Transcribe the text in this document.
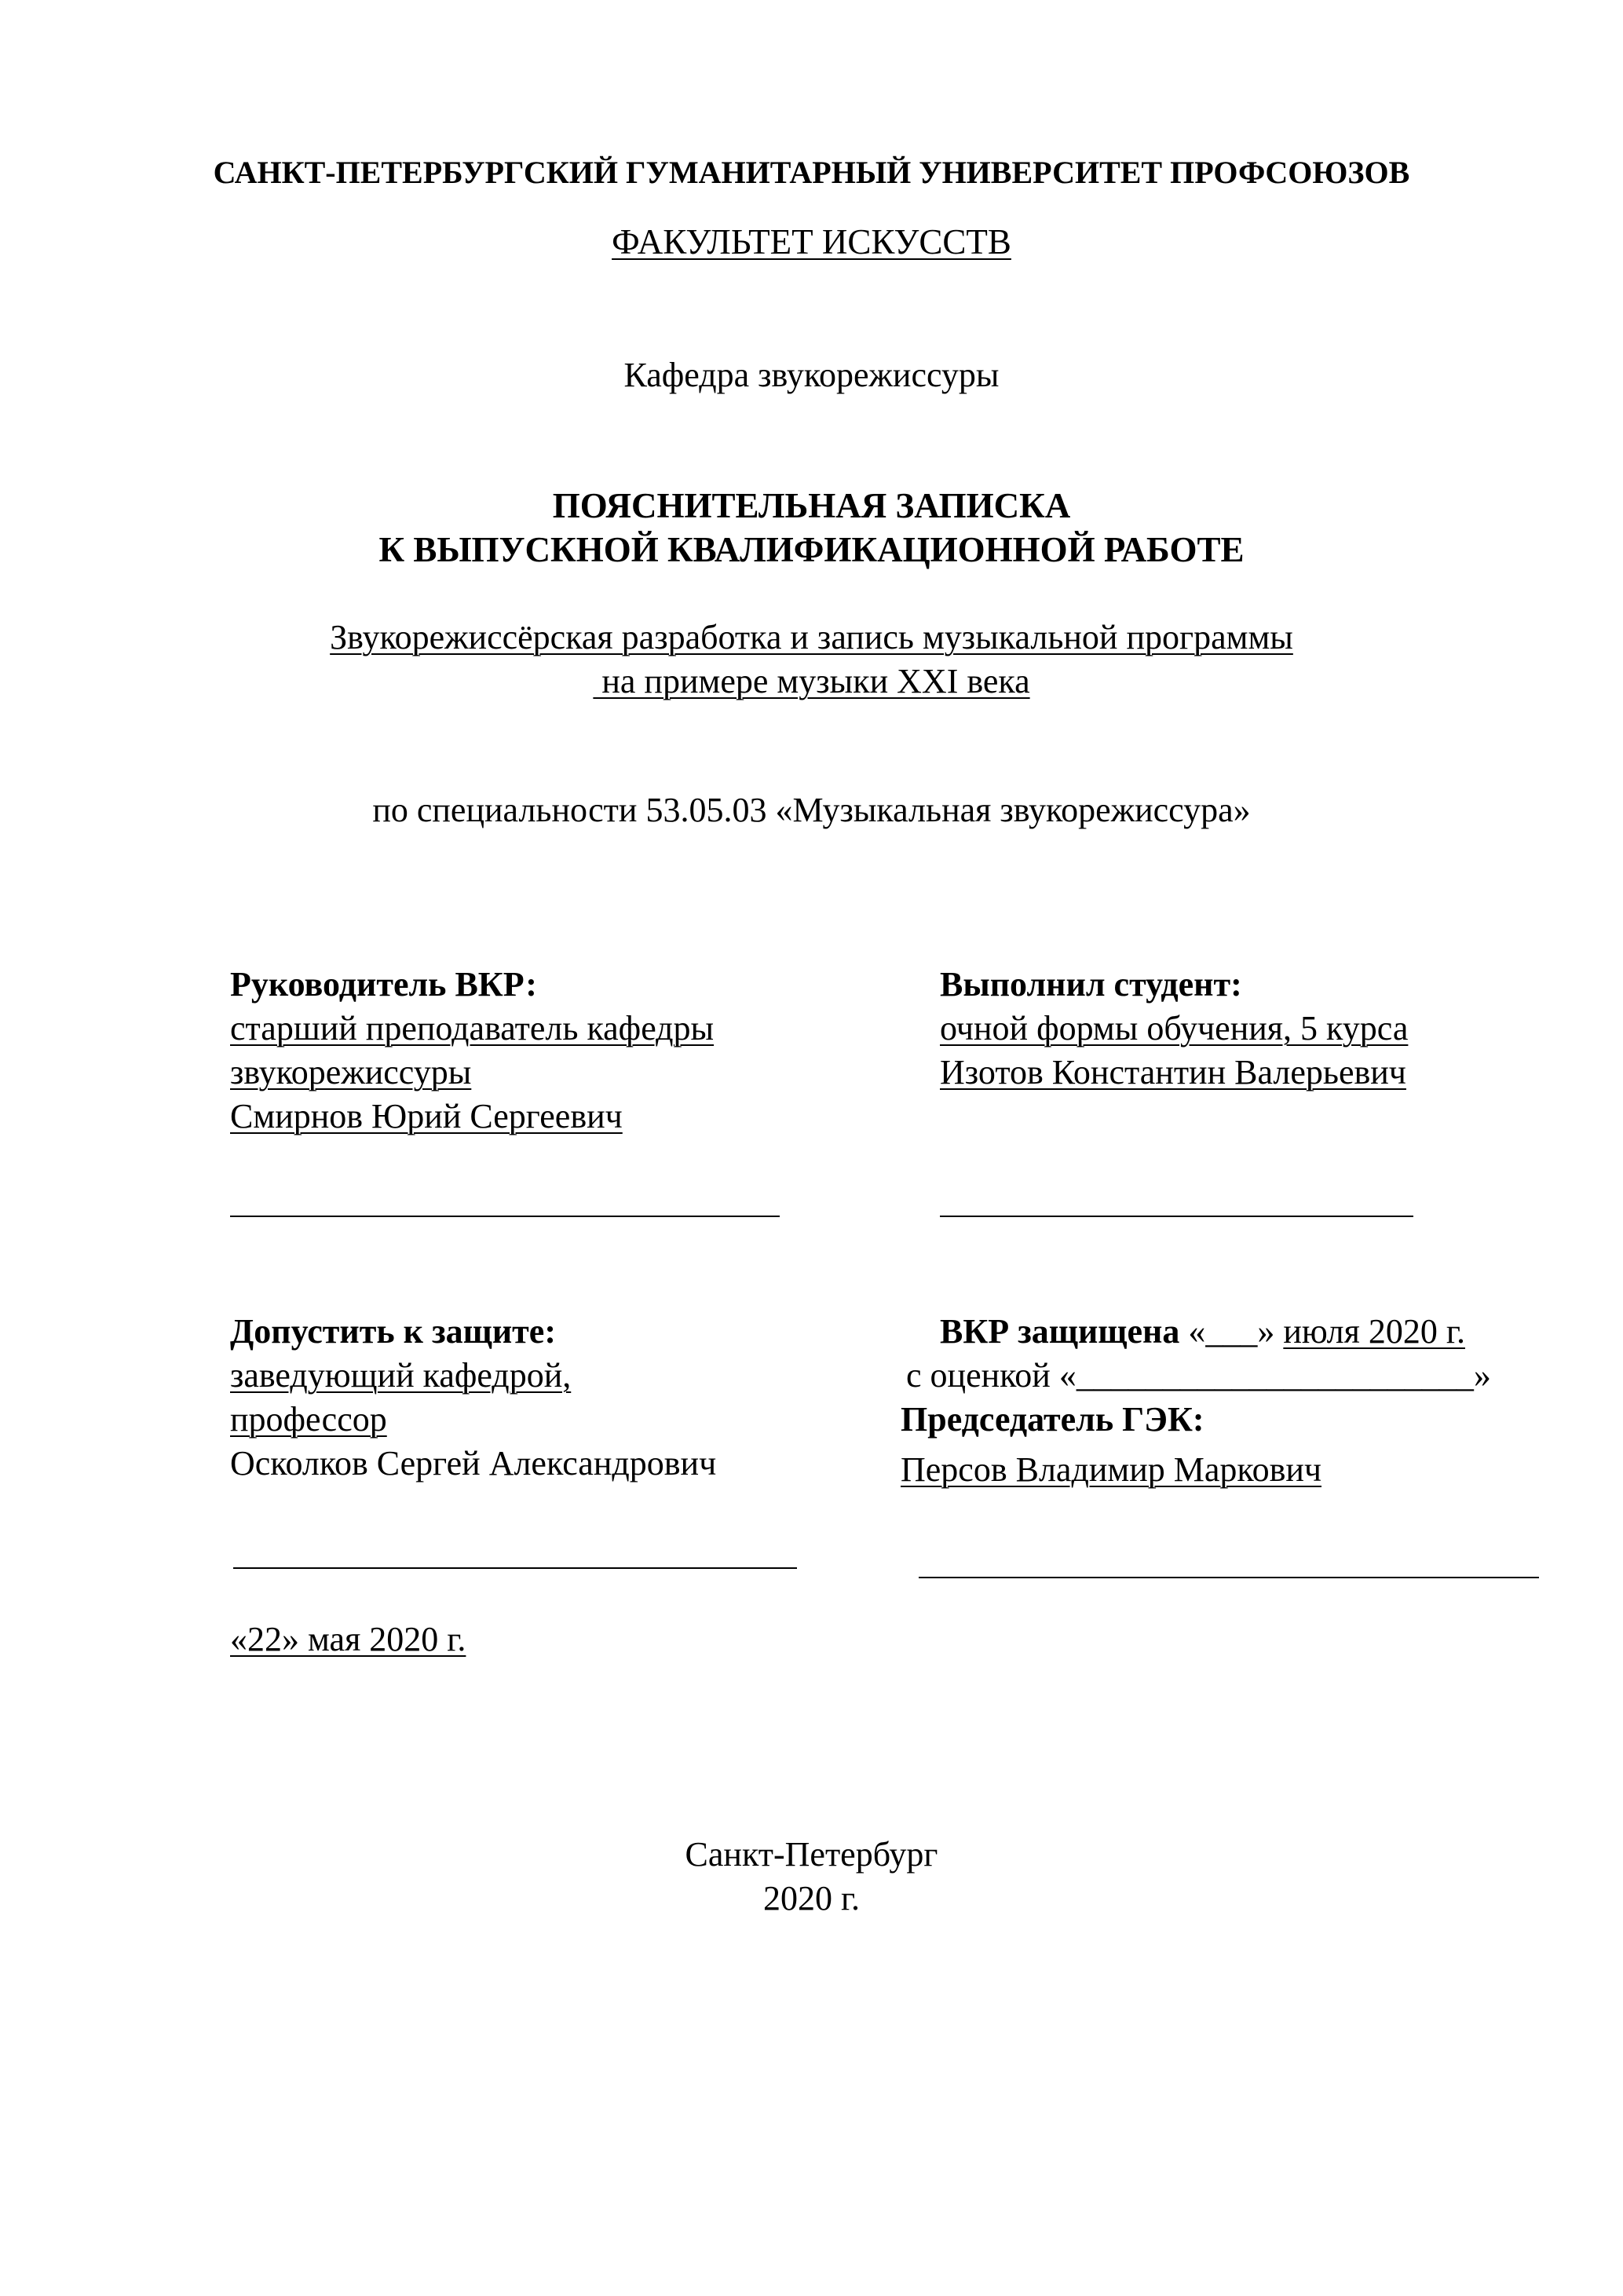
САНКТ-ПЕТЕРБУРГСКИЙ ГУМАНИТАРНЫЙ УНИВЕРСИТЕТ ПРОФСОЮЗОВ
ФАКУЛЬТЕТ ИСКУССТВ
Кафедра звукорежиссуры
ПОЯСНИТЕЛЬНАЯ ЗАПИСКА
К ВЫПУСКНОЙ КВАЛИФИКАЦИОННОЙ РАБОТЕ
Звукорежиссёрская разработка и запись музыкальной программы
на примере музыки XXI века
по специальности 53.05.03 «Музыкальная звукорежиссура»
Руководитель ВКР:
старший преподаватель кафедры
звукорежиссуры
Смирнов Юрий Сергеевич
Выполнил студент:
очной формы обучения, 5 курса
Изотов Константин Валерьевич
Допустить к защите:
заведующий кафедрой,
профессор
Осколков Сергей Александрович
«22» мая 2020 г.
ВКР защищена «___» июля 2020 г.
с оценкой «_______________________»
Председатель ГЭК:
Персов Владимир Маркович
Санкт-Петербург
2020 г.
